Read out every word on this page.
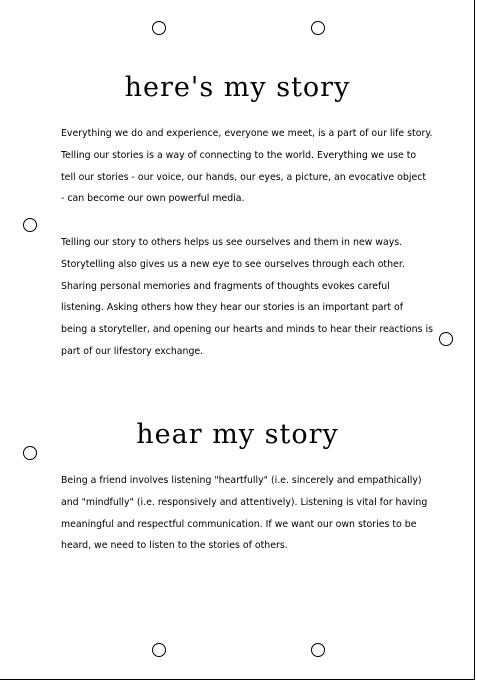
here's my story
Everything we do and experience, everyone we meet, is a part of our life story.
Telling our stories is a way of connecting to the world. Everything we use to
tell our stories - our voice, our hands, our eyes, a picture, an evocative object
- can become our own powerful media.
Telling our story to others helps us see ourselves and them in new ways.
Storytelling also gives us a new eye to see ourselves through each other.
Sharing personal memories and fragments of thoughts evokes careful
listening. Asking others how they hear our stories is an important part of
being a storyteller, and opening our hearts and minds to hear their reactions is
part of our lifestory exchange.
hear my story
Being a friend involves listening "heartfully" (i.e. sincerely and empathically)
and "mindfully" (i.e. responsively and attentively). Listening is vital for having
meaningful and respectful communication. If we want our own stories to be
heard, we need to listen to the stories of others.
